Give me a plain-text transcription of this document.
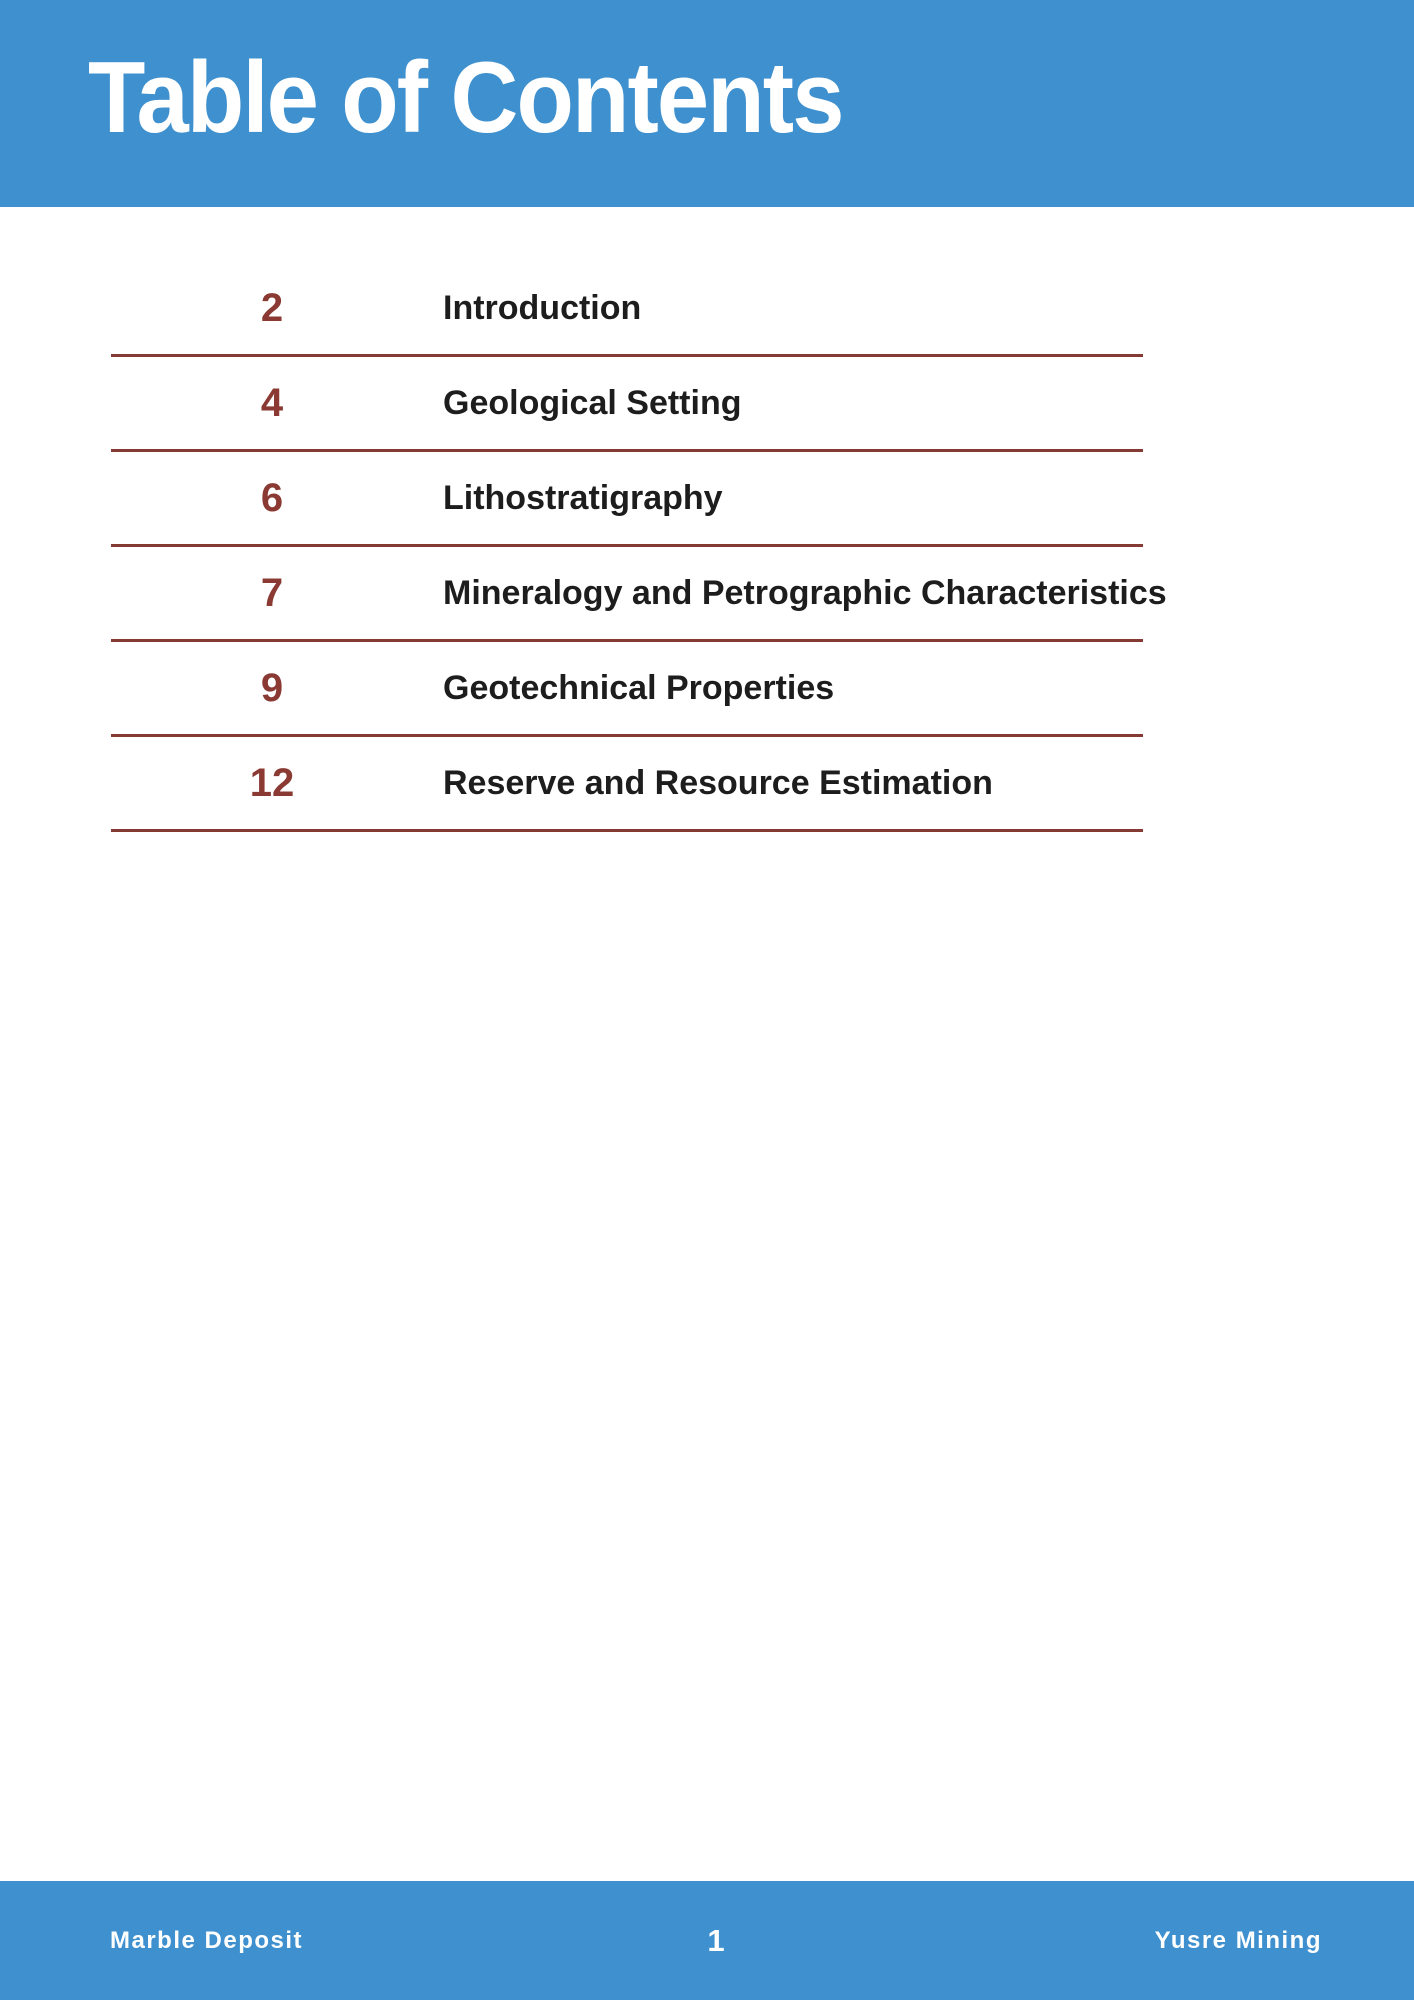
Table of Contents
2	Introduction
4	Geological Setting
6	Lithostratigraphy
7	Mineralogy and Petrographic Characteristics
9	Geotechnical Properties
12	Reserve and Resource Estimation
Marble Deposit	1	Yusre Mining
